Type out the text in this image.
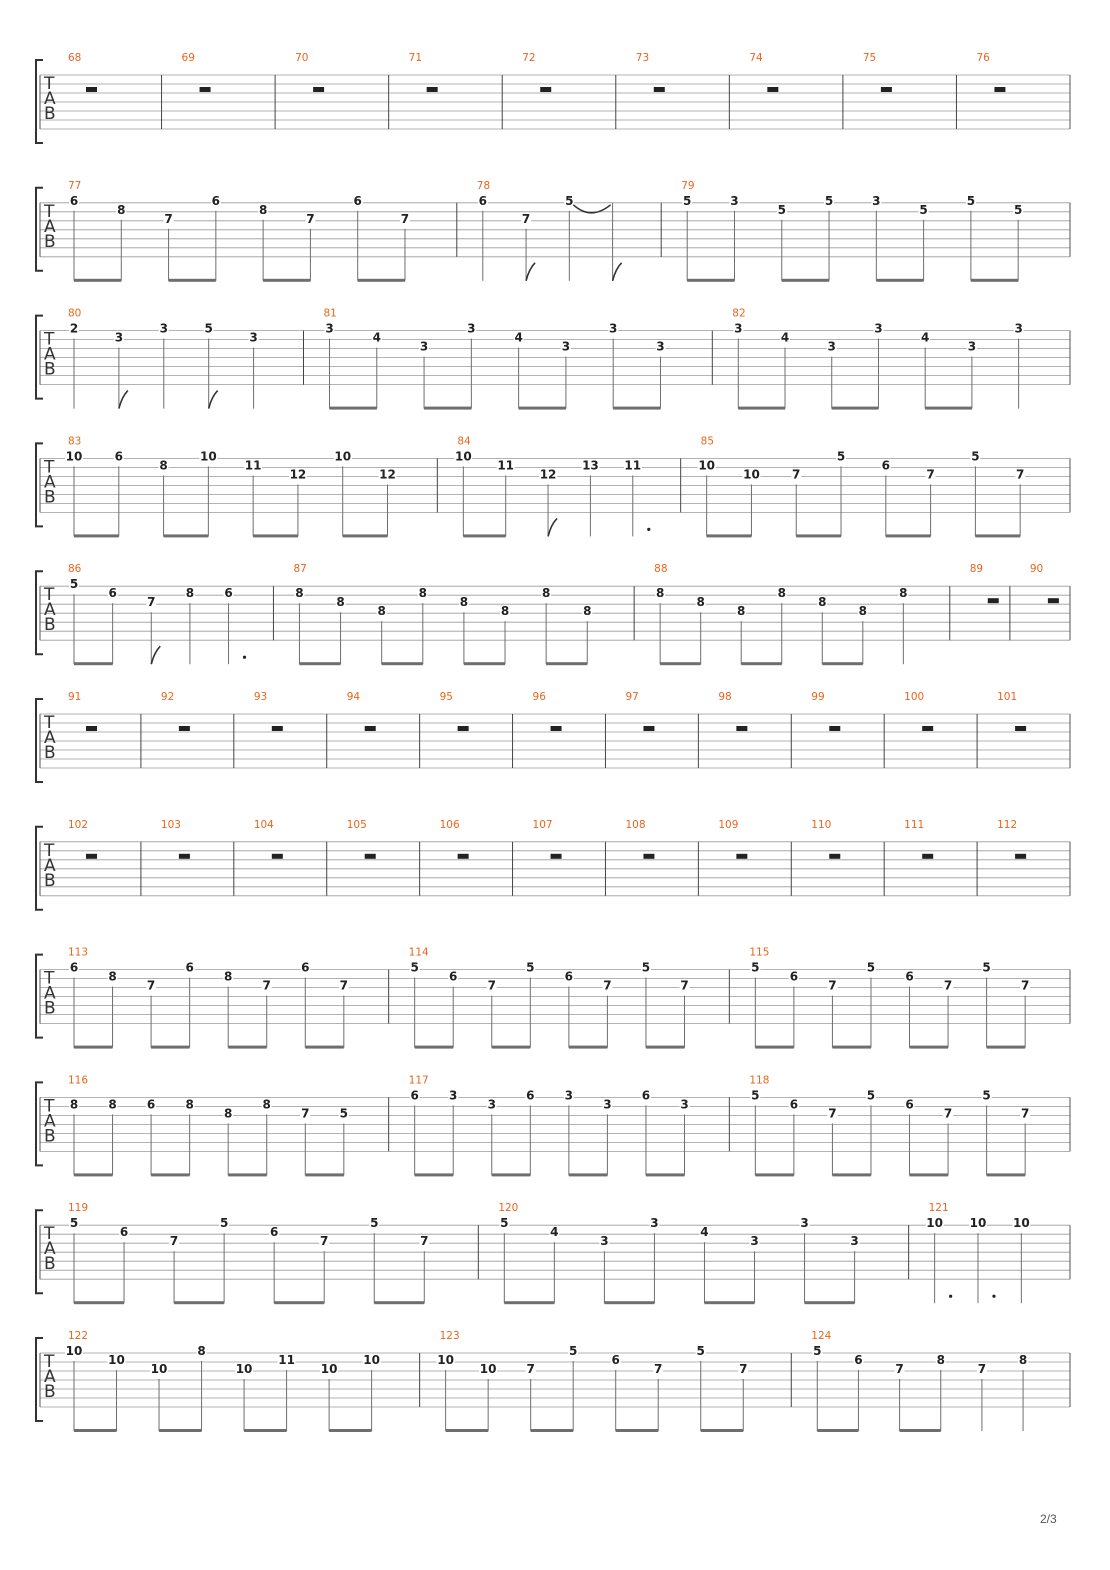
T
A
B
68	69	70	71	72	73	74	75	76
T
A
B
77
6
8
7
6
8
7
6
7
78
6
7
5
79
5	3
5
5	3
5
5
5
T
A
B
80
2
3
3	5
3
81
3
4
3
3
4
3
3
3
82
3
4
3
3
4
3
3
T
A
B
83
10	6
8
10
11
12
10
12
84
10
11
12
13 11
85
10
10	7
5
6
7
5
7
T
A
B
86
5
6
7
8	6
87
8
8
8
8
8
8
8
8
88
8
8
8
8
8
8
8
89	90
T
A
B
91	92	93	94	95	96	97	98	99	100	101
T
A
B
102	103	104	105	106	107	108	109	110	111	112
T
A
B
113
6
8
7
6
8
7
6
7
114
5
6
7
5
6
7
5
7
115
5
6
7
5
6
7
5
7
T
A
B
116
8	8	6	8
8
8
7	5
117
6	3
3
6	3
3
6
3
118
5
6
7
5
6
7
5
7
T
A
B
119
5
6
7
5
6
7
5
7
120
5
4
3
3
4
3
3
3
121
10 10 10
T
A
B
122
10
10
10
8
10
11
10
10
123
10
10 7
5
6
7
5
7
124
5
6
7
8
7
8
2/3
